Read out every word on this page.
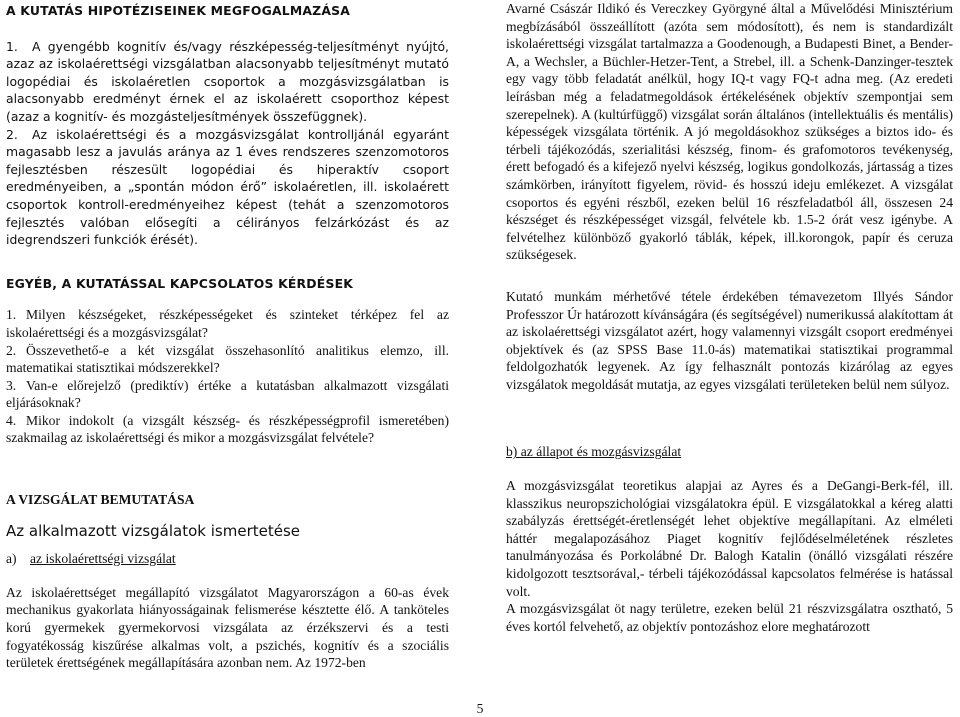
A KUTATÁS HIPOTÉZISEINEK MEGFOGALMAZÁSA

1. A gyengébb kognitív és/vagy részképesség-teljesítményt nyújtó, azaz az iskolaérettségi vizsgálatban alacsonyabb teljesítményt mutató logopédiai és iskolaéretlen csoportok a mozgásvizsgálatban is alacsonyabb eredményt érnek el az iskolaérett csoporthoz képest (azaz a kognitív- és mozgásteljesítmények összefüggnek).

2. Az iskolaérettségi és a mozgásvizsgálat kontrolljánál egyaránt magasabb lesz a javulás aránya az 1 éves rendszeres szenzomotoros fejlesztésben részesült logopédiai és hiperaktív csoport eredményeiben, a „spontán módon érő” iskolaéretlen, ill. iskolaérett csoportok kontroll-eredményeihez képest (tehát a szenzomotoros fejlesztés valóban elősegíti a célirányos felzárkózást és az idegrendszeri funkciók érését).

EGYÉB, A KUTATÁSSAL KAPCSOLATOS KÉRDÉSEK

1. Milyen készségeket, részképességeket és szinteket térképez fel az iskolaérettségi és a mozgásvizsgálat?

2. Összevethető-e a két vizsgálat összehasonlító analitikus elemzo, ill. matematikai statisztikai módszerekkel?

3. Van-e előrejelző (prediktív) értéke a kutatásban alkalmazott vizsgálati eljárásoknak?

4. Mikor indokolt (a vizsgált készség- és részképességprofil ismeretében) szakmailag az iskolaérettségi és mikor a mozgásvizsgálat felvétele?

A VIZSGÁLAT BEMUTATÁSA
Az alkalmazott vizsgálatok ismertetése
a) az iskolaérettségi vizsgálat

Az iskolaérettséget megállapító vizsgálatot Magyarországon a 60-as évek mechanikus gyakorlata hiányosságainak felismerése késztette élő. A tanköteles korú gyermekek gyermekorvosi vizsgálata az érzékszervi és a testi fogyatékosság kiszűrése alkalmas volt, a pszichés, kognitív és a szociális területek érettségének megállapítására azonban nem. Az 1972-ben

Avarné Császár Ildikó és Vereczkey Györgyné által a Művelődési Minisztérium megbízásából összeállított (azóta sem módosított), és nem is standardizált iskolaérettségi vizsgálat tartalmazza a Goodenough, a Budapesti Binet, a Bender-A, a Wechsler, a Büchler-Hetzer-Tent, a Strebel, ill. a Schenk-Danzinger-tesztek egy vagy több feladatát anélkül, hogy IQ-t vagy FQ-t adna meg. (Az eredeti leírásban még a feladatmegoldások értékelésének objektív szempontjai sem szerepelnek). A (kultúrfüggő) vizsgálat során általános (intellektuális és mentális) képességek vizsgálata történik. A jó megoldásokhoz szükséges a biztos ido- és térbeli tájékozódás, szerialitási készség, finom- és grafomotoros tevékenység, érett befogadó és a kifejező nyelvi készség, logikus gondolkozás, jártasság a tizes számkörben, irányított figyelem, rövid- és hosszú ideju emlékezet. A vizsgálat csoportos és egyéni részből, ezeken belül 16 részfeladatból áll, összesen 24 készséget és részképességet vizsgál, felvétele kb. 1.5-2 órát vesz igénybe. A felvételhez különböző gyakorló táblák, képek, ill.korongok, papír és ceruza szükségesek.

Kutató munkám mérhetővé tétele érdekében témavezetom Illyés Sándor Professzor Úr határozott kívánságára (és segítségével) numerikussá alakítottam át az iskolaérettségi vizsgálatot azért, hogy valamennyi vizsgált csoport eredményei objektívek és (az SPSS Base 11.0-ás) matematikai statisztikai programmal feldolgozhatók legyenek. Az így felhasznált pontozás kizárólag az egyes vizsgálatok megoldását mutatja, az egyes vizsgálati területeken belül nem súlyoz.

b) az állapot és mozgásvizsgálat

A mozgásvizsgálat teoretikus alapjai az Ayres és a DeGangi-Berk-fél, ill. klasszikus neuropszichológiai vizsgálatokra épül. E vizsgálatokkal a kéreg alatti szabályzás érettségét-éretlenségét lehet objektíve megállapítani. Az elméleti háttér megalapozásához Piaget kognitív fejlődéselméletének részletes tanulmányozása és Porkolábné Dr. Balogh Katalin (önálló vizsgálati részére kidolgozott tesztsorával,- térbeli tájékozódással kapcsolatos felmérése is hatással volt.

A mozgásvizsgálat öt nagy területre, ezeken belül 21 részvizsgálatra osztható, 5 éves kortól felvehető, az objektív pontozáshoz elore meghatározott

5
